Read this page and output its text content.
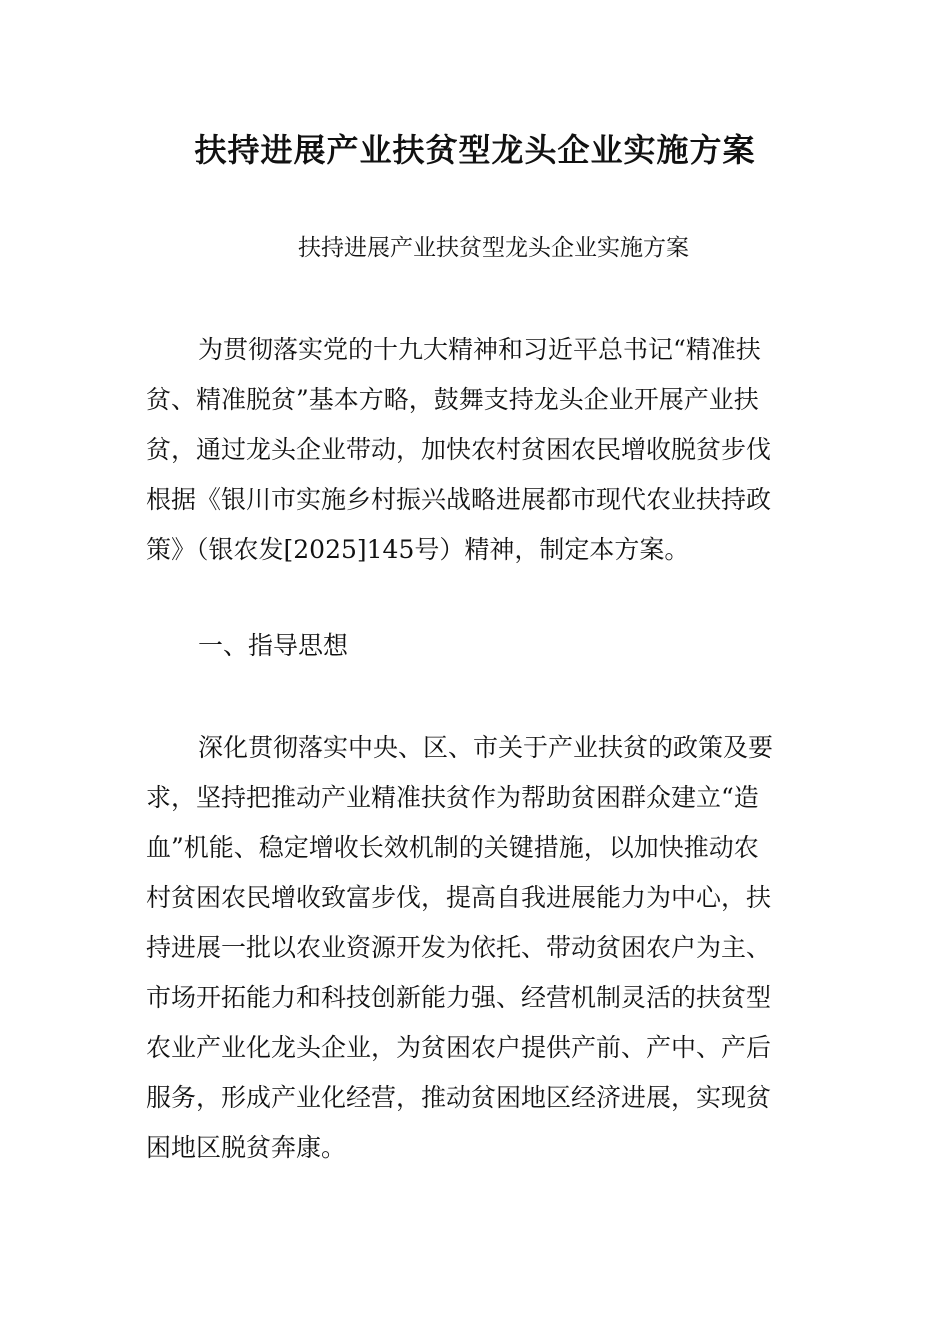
扶持进展产业扶贫型龙头企业实施方案

扶持进展产业扶贫型龙头企业实施方案

为贯彻落实党的十九大精神和习近平总书记“精准扶

贫、精准脱贫”基本方略，鼓舞支持龙头企业开展产业扶

贫，通过龙头企业带动，加快农村贫困农民增收脱贫步伐

根据《银川市实施乡村振兴战略进展都市现代农业扶持政

策》（银农发[2025]145号）精神，制定本方案。

一、指导思想

深化贯彻落实中央、区、市关于产业扶贫的政策及要

求，坚持把推动产业精准扶贫作为帮助贫困群众建立“造

血”机能、稳定增收长效机制的关键措施，以加快推动农

村贫困农民增收致富步伐，提高自我进展能力为中心，扶

持进展一批以农业资源开发为依托、带动贫困农户为主、

市场开拓能力和科技创新能力强、经营机制灵活的扶贫型

农业产业化龙头企业，为贫困农户提供产前、产中、产后

服务，形成产业化经营，推动贫困地区经济进展，实现贫

困地区脱贫奔康。
